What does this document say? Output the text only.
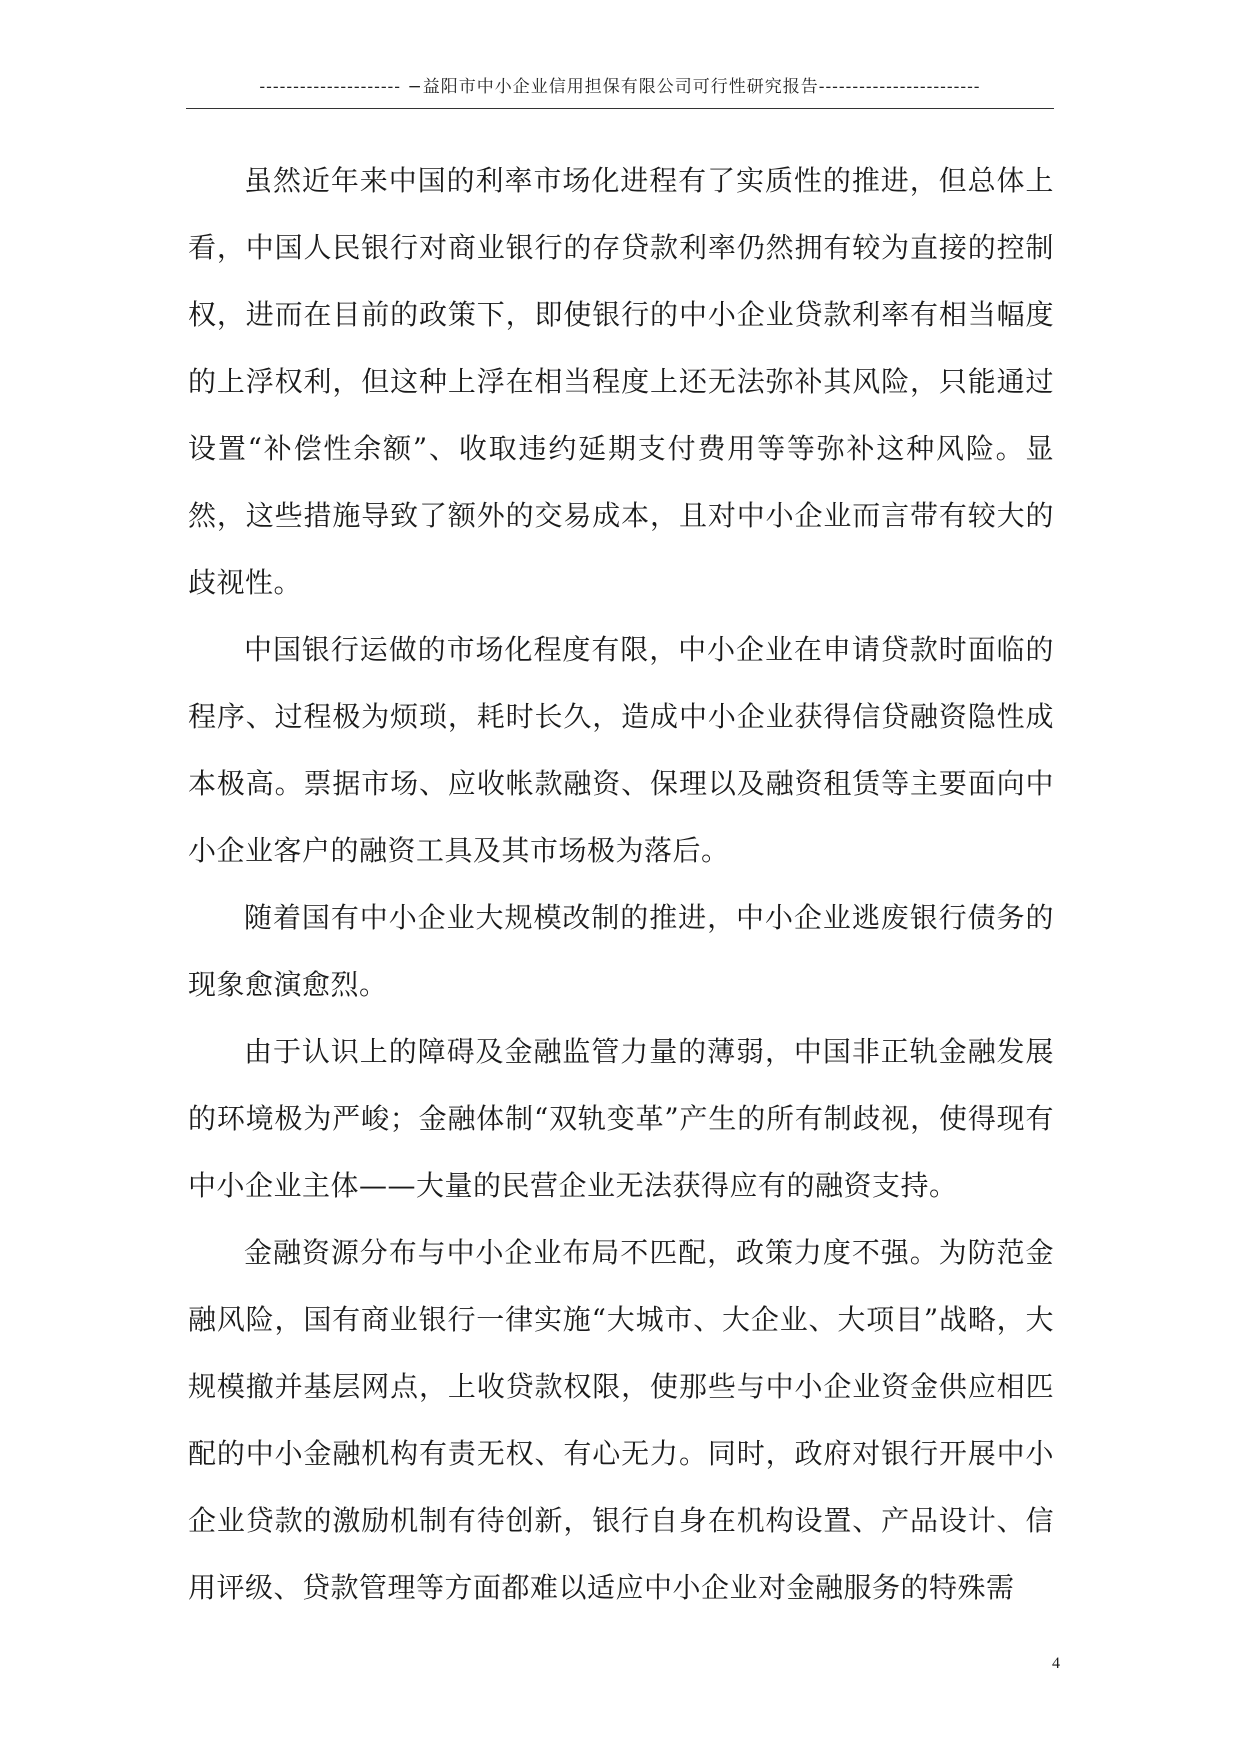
--------------------- −益阳市中小企业信用担保有限公司可行性研究报告------------------------

虽然近年来中国的利率市场化进程有了实质性的推进，但总体上看，中国人民银行对商业银行的存贷款利率仍然拥有较为直接的控制权，进而在目前的政策下，即使银行的中小企业贷款利率有相当幅度的上浮权利，但这种上浮在相当程度上还无法弥补其风险，只能通过设置“补偿性余额”、收取违约延期支付费用等等弥补这种风险。显然，这些措施导致了额外的交易成本，且对中小企业而言带有较大的歧视性。

中国银行运做的市场化程度有限，中小企业在申请贷款时面临的程序、过程极为烦琐，耗时长久，造成中小企业获得信贷融资隐性成本极高。票据市场、应收帐款融资、保理以及融资租赁等主要面向中小企业客户的融资工具及其市场极为落后。

随着国有中小企业大规模改制的推进，中小企业逃废银行债务的现象愈演愈烈。

由于认识上的障碍及金融监管力量的薄弱，中国非正轨金融发展的环境极为严峻；金融体制“双轨变革”产生的所有制歧视，使得现有中小企业主体——大量的民营企业无法获得应有的融资支持。

金融资源分布与中小企业布局不匹配，政策力度不强。为防范金融风险，国有商业银行一律实施“大城市、大企业、大项目”战略，大规模撤并基层网点，上收贷款权限，使那些与中小企业资金供应相匹配的中小金融机构有责无权、有心无力。同时，政府对银行开展中小企业贷款的激励机制有待创新，银行自身在机构设置、产品设计、信用评级、贷款管理等方面都难以适应中小企业对金融服务的特殊需

4
